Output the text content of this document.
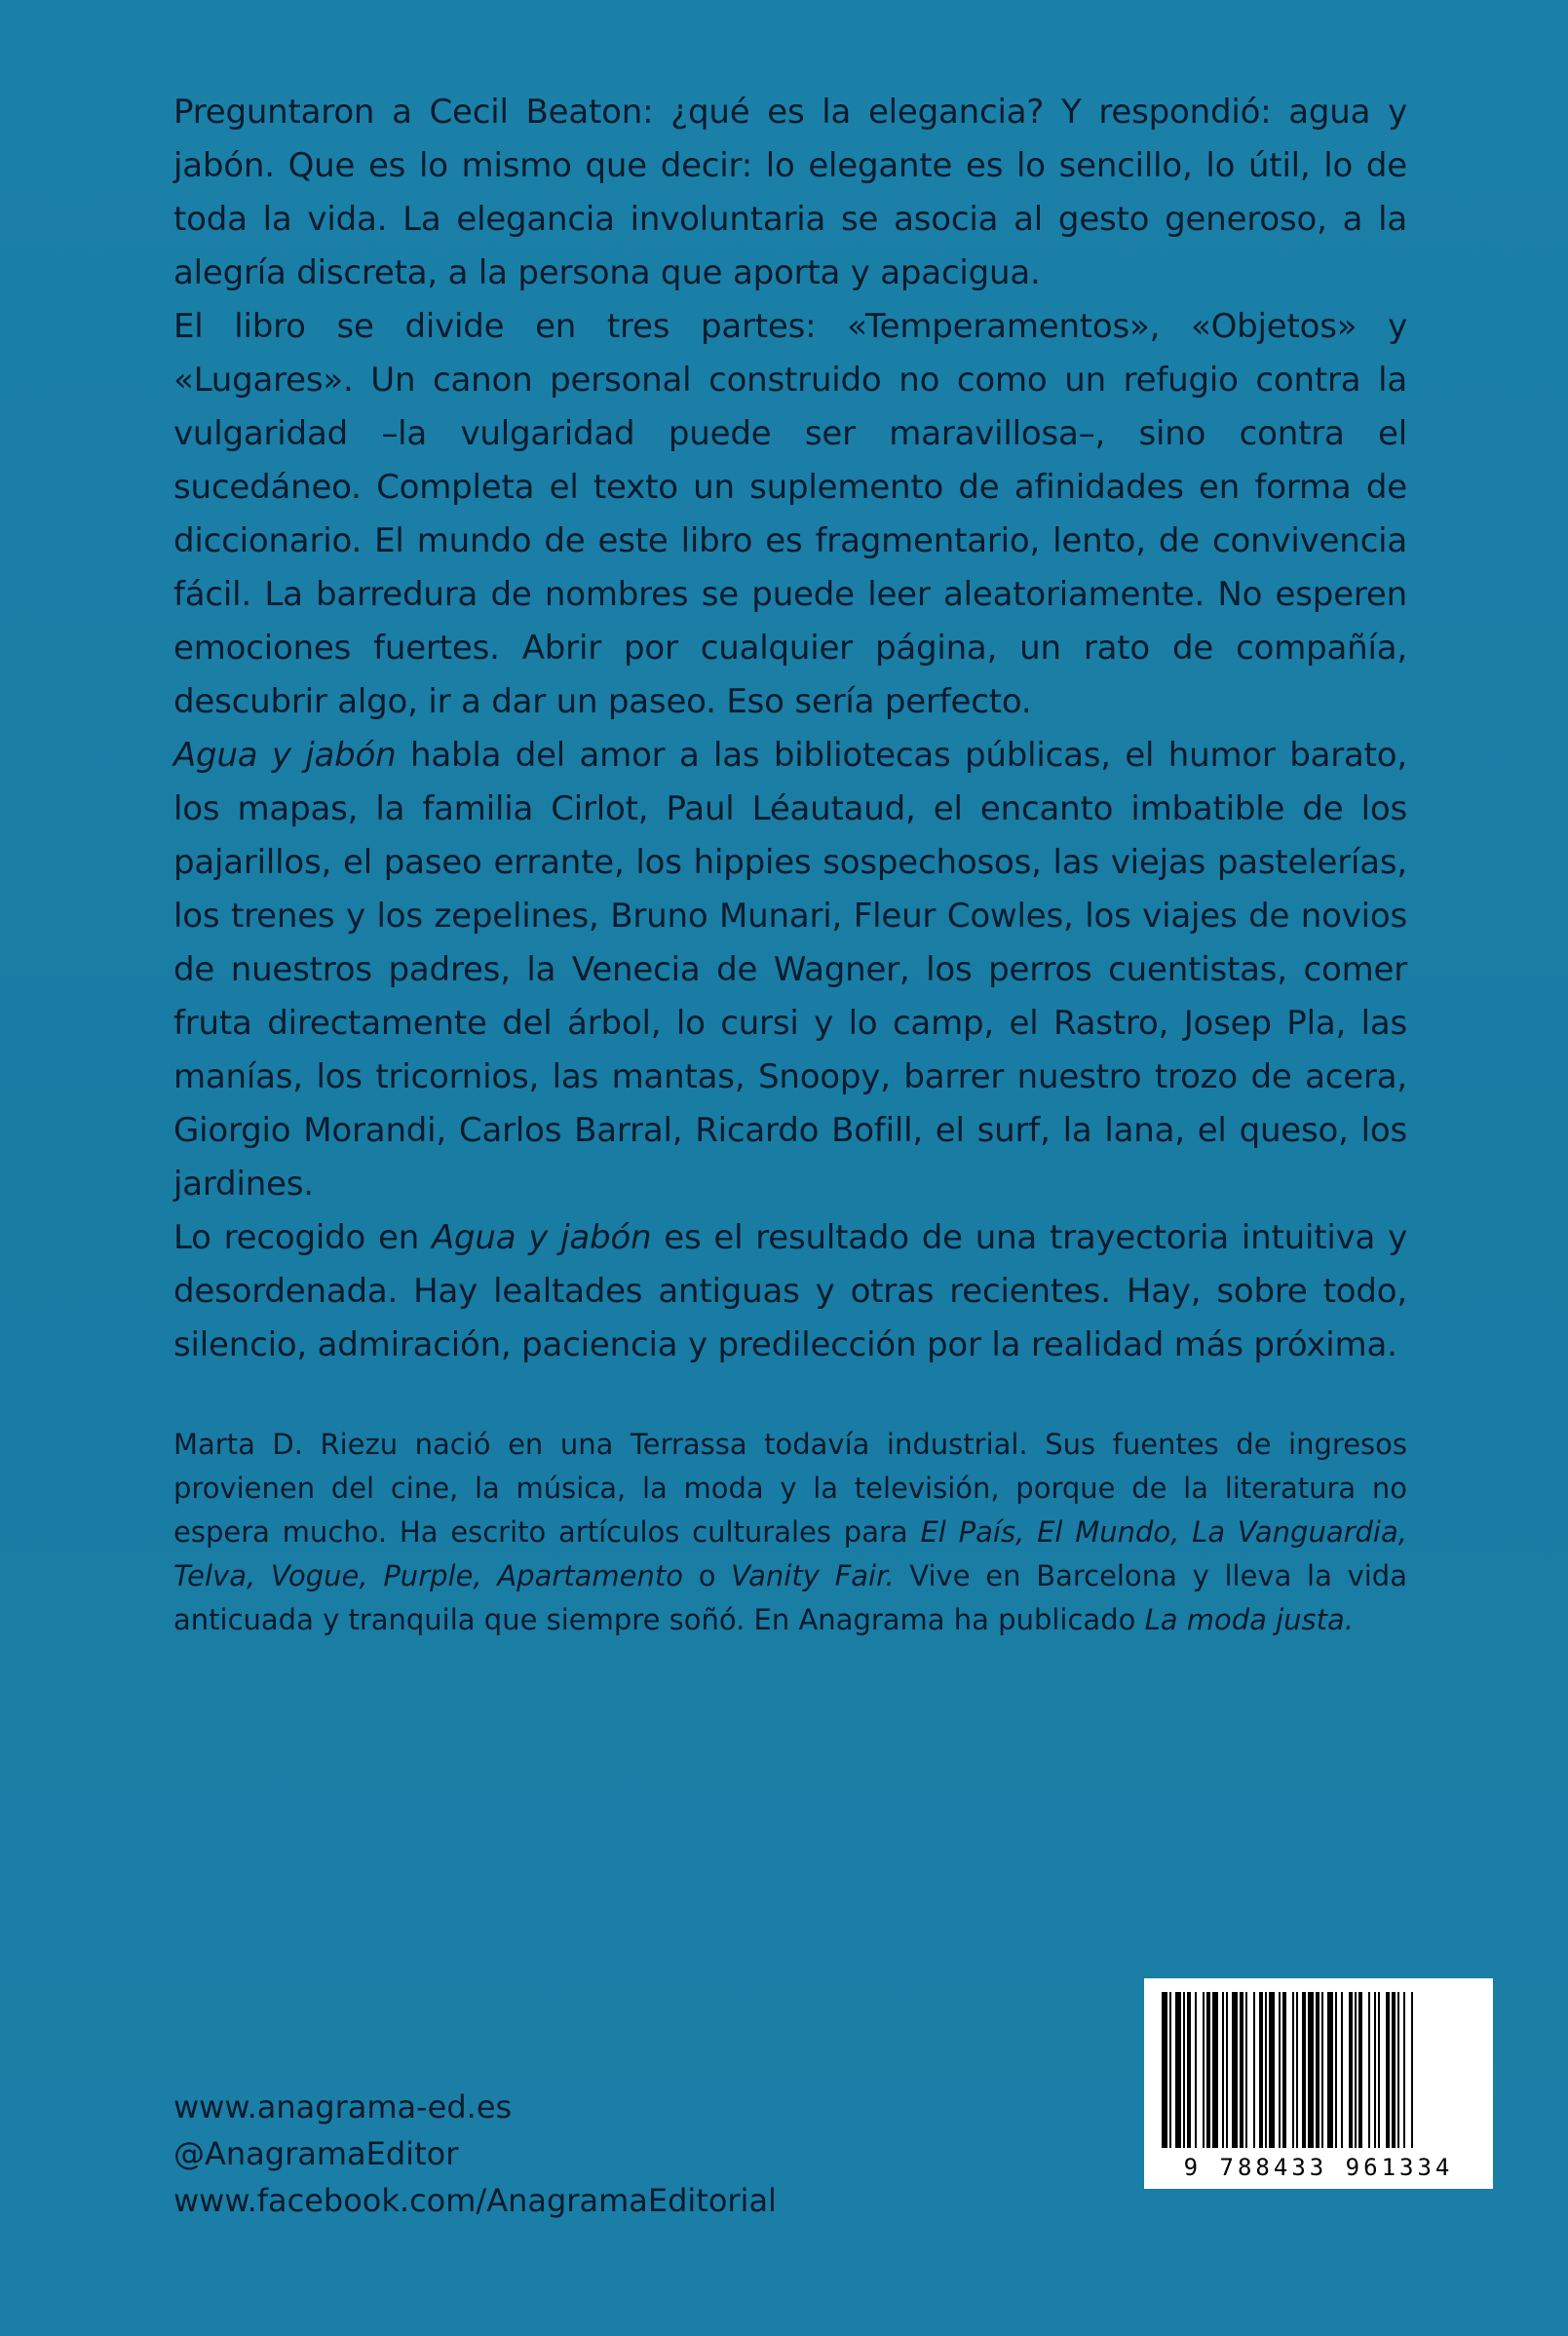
Preguntaron a Cecil Beaton: ¿qué es la elegancia? Y respondió: agua y jabón. Que es lo mismo que decir: lo elegante es lo sencillo, lo útil, lo de toda la vida. La elegancia involuntaria se asocia al gesto generoso, a la alegría discreta, a la persona que aporta y apacigua.

El libro se divide en tres partes: «Temperamentos», «Objetos» y «Lugares». Un canon personal construido no como un refugio contra la vulgaridad –la vulgaridad puede ser maravillosa–, sino contra el sucedáneo. Completa el texto un suplemento de afinidades en forma de diccionario. El mundo de este libro es fragmentario, lento, de convivencia fácil. La barredura de nombres se puede leer aleatoriamente. No esperen emociones fuertes. Abrir por cualquier página, un rato de compañía, descubrir algo, ir a dar un paseo. Eso sería perfecto.

Agua y jabón habla del amor a las bibliotecas públicas, el humor barato, los mapas, la familia Cirlot, Paul Léautaud, el encanto imbatible de los pajarillos, el paseo errante, los hippies sospechosos, las viejas pastelerías, los trenes y los zepelines, Bruno Munari, Fleur Cowles, los viajes de novios de nuestros padres, la Venecia de Wagner, los perros cuentistas, comer fruta directamente del árbol, lo cursi y lo camp, el Rastro, Josep Pla, las manías, los tricornios, las mantas, Snoopy, barrer nuestro trozo de acera, Giorgio Morandi, Carlos Barral, Ricardo Bofill, el surf, la lana, el queso, los jardines.

Lo recogido en Agua y jabón es el resultado de una trayectoria intuitiva y desordenada. Hay lealtades antiguas y otras recientes. Hay, sobre todo, silencio, admiración, paciencia y predilección por la realidad más próxima.

Marta D. Riezu nació en una Terrassa todavía industrial. Sus fuentes de ingresos provienen del cine, la música, la moda y la televisión, porque de la literatura no espera mucho. Ha escrito artículos culturales para El País, El Mundo, La Vanguardia, Telva, Vogue, Purple, Apartamento o Vanity Fair. Vive en Barcelona y lleva la vida anticuada y tranquila que siempre soñó. En Anagrama ha publicado La moda justa.

www.anagrama-ed.es
@AnagramaEditor
www.facebook.com/AnagramaEditorial
9 788433 961334
